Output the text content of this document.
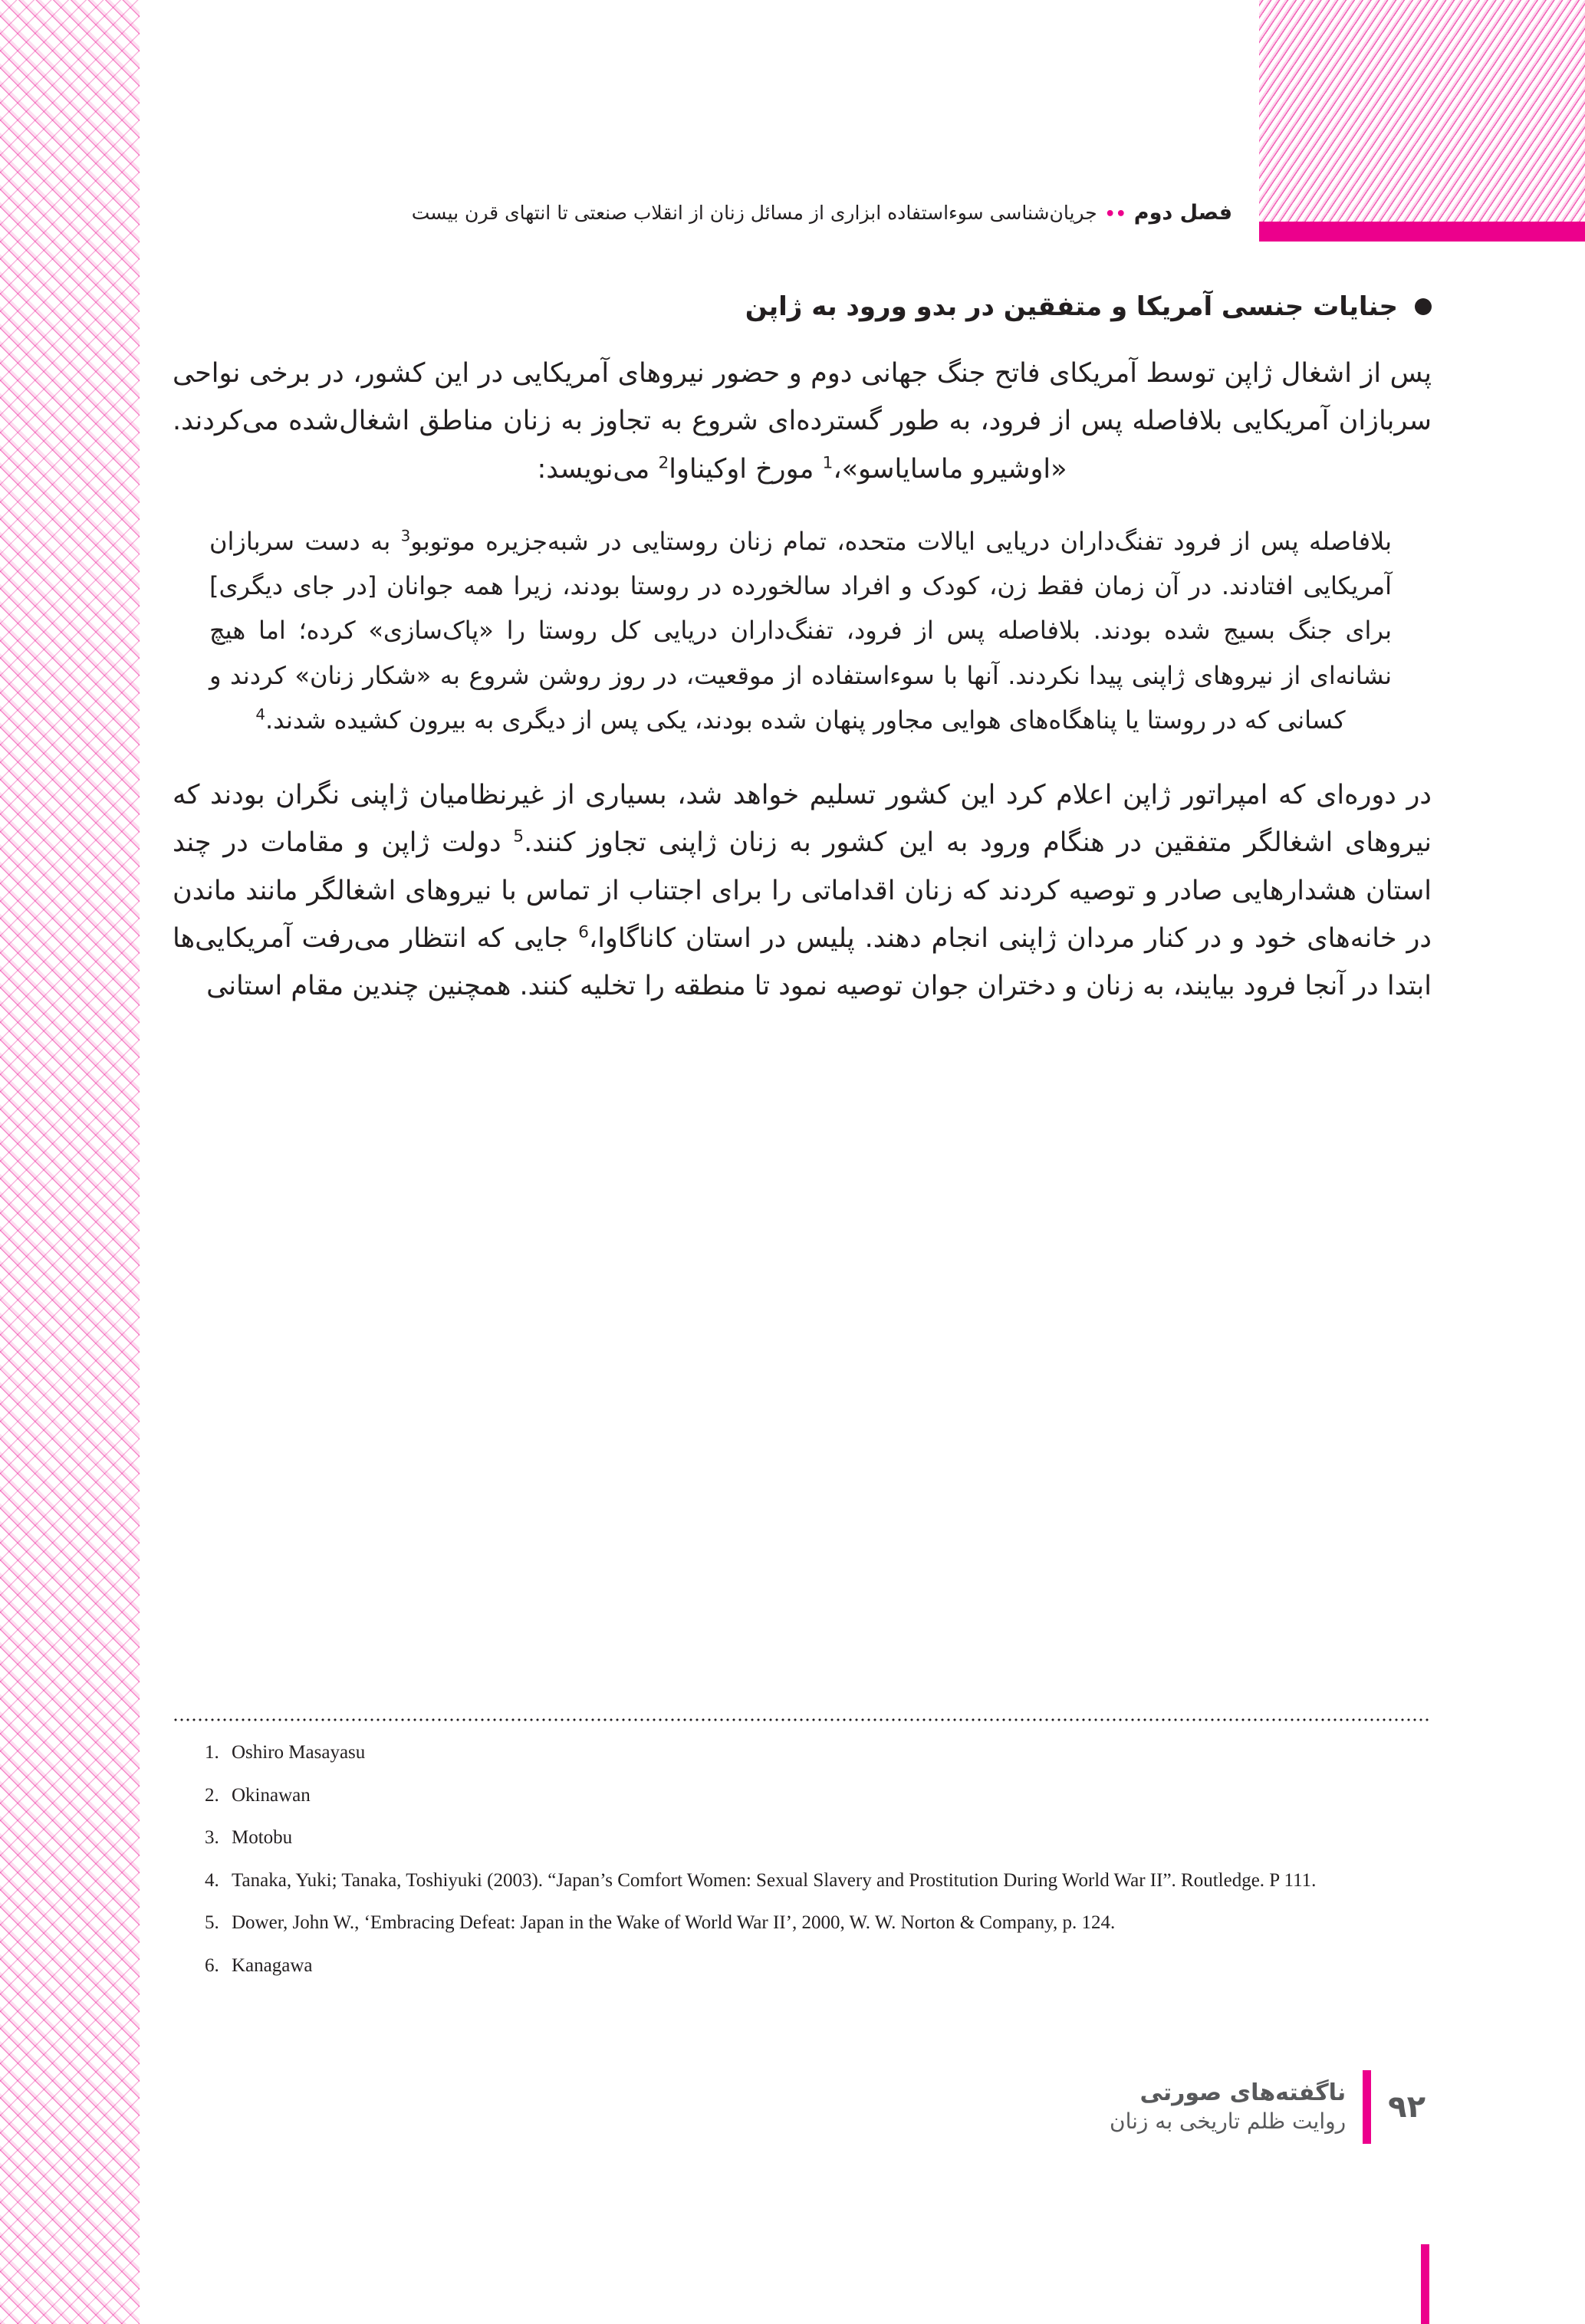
فصل دوم••جریان‌شناسی سوءاستفاده ابزاری از مسائل زنان از انقلاب صنعتی تا انتهای قرن بیست
جنایات جنسی آمریکا و متفقین در بدو ورود به ژاپن

پس از اشغال ژاپن توسط آمریکای فاتح جنگ جهانی دوم و حضور نیروهای آمریکایی در این کشور، در برخی نواحی سربازان آمریکایی بلافاصله پس از فرود، به طور گسترده‌ای شروع به تجاوز به زنان مناطق اشغال‌شده می‌کردند. «اوشیرو ماسایاسو»،$^1$ مورخ اوکیناوا$^2$ می‌نویسد:

بلافاصله پس از فرود تفنگ‌داران دریایی ایالات متحده، تمام زنان روستایی در شبه‌جزیره موتوبو$^3$ به دست سربازان آمریکایی افتادند. در آن زمان فقط زن، کودک و افراد سالخورده در روستا بودند، زیرا همه جوانان [در جای دیگری] برای جنگ بسیج شده بودند. بلافاصله پس از فرود، تفنگ‌داران دریایی کل روستا را «پاک‌سازی» کرده؛ اما هیچ نشانه‌ای از نیروهای ژاپنی پیدا نکردند. آنها با سوءاستفاده از موقعیت، در روز روشن شروع به «شکار زنان» کردند و کسانی که در روستا یا پناهگاه‌های هوایی مجاور پنهان شده بودند، یکی پس از دیگری به بیرون کشیده شدند.$^4$

در دوره‌ای که امپراتور ژاپن اعلام کرد این کشور تسلیم خواهد شد، بسیاری از غیرنظامیان ژاپنی نگران بودند که نیروهای اشغالگر متفقین در هنگام ورود به این کشور به زنان ژاپنی تجاوز کنند.$^5$ دولت ژاپن و مقامات در چند استان هشدارهایی صادر و توصیه کردند که زنان اقداماتی را برای اجتناب از تماس با نیروهای اشغالگر مانند ماندن در خانه‌های خود و در کنار مردان ژاپنی انجام دهند. پلیس در استان کاناگاوا،$^6$ جایی که انتظار می‌رفت آمریکایی‌ها ابتدا در آنجا فرود بیایند، به زنان و دختران جوان توصیه نمود تا منطقه را تخلیه کنند. همچنین چندین مقام استانی

1. Oshiro Masayasu
2. Okinawan
3. Motobu
4. Tanaka, Yuki; Tanaka, Toshiyuki (2003). “Japan’s Comfort Women: Sexual Slavery and Prostitution During World War II”. Routledge. P 111.
5. Dower, John W., ‘Embracing Defeat: Japan in the Wake of World War II’, 2000, W. W. Norton & Company, p. 124.
6. Kanagawa
۹۲
ناگفته‌های صورتی
روایت ظلم تاریخی به زنان
